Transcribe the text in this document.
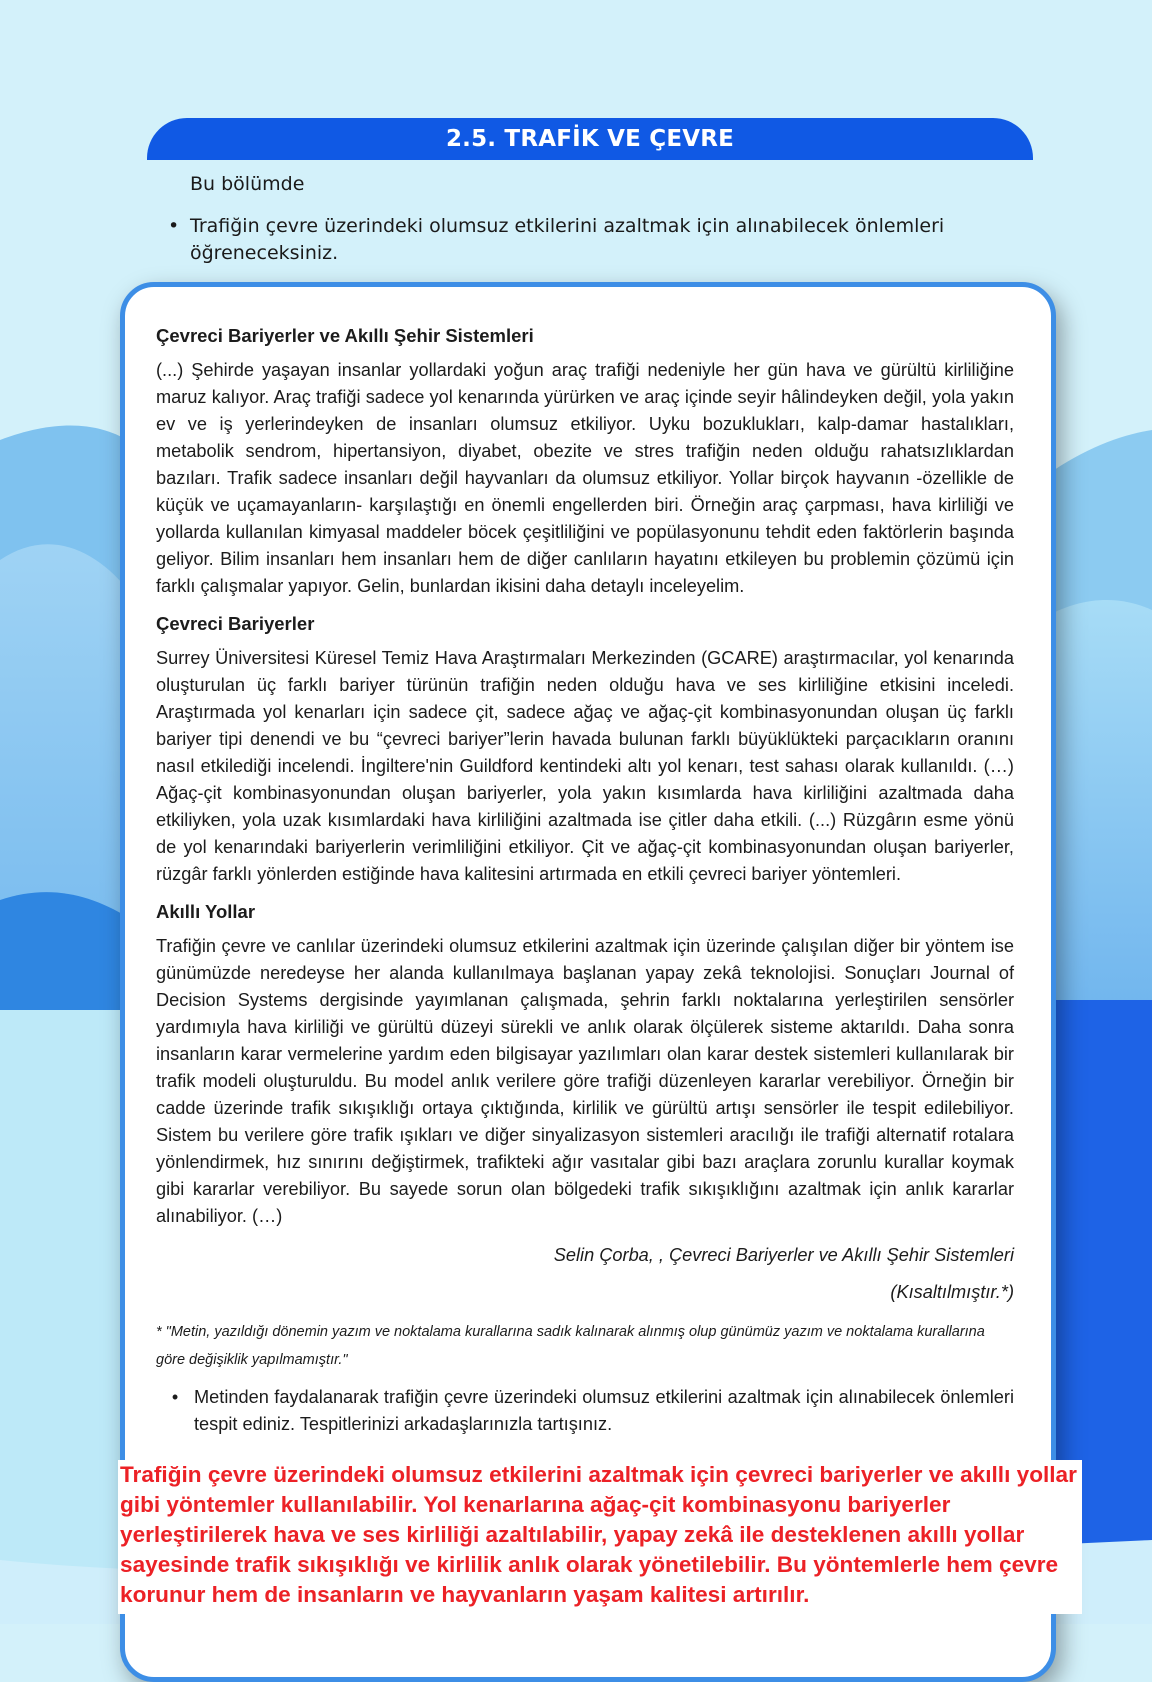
2.5. TRAFİK VE ÇEVRE
Bu bölümde
• Trafiğin çevre üzerindeki olumsuz etkilerini azaltmak için alınabilecek önlemleri öğreneceksiniz.
Çevreci Bariyerler ve Akıllı Şehir Sistemleri

(...) Şehirde yaşayan insanlar yollardaki yoğun araç trafiği nedeniyle her gün hava ve gürültü kirliliğine maruz kalıyor. Araç trafiği sadece yol kenarında yürürken ve araç içinde seyir hâlindeyken değil, yola yakın ev ve iş yerlerindeyken de insanları olumsuz etkiliyor. Uyku bozuklukları, kalp-damar hastalıkları, metabolik sendrom, hipertansiyon, diyabet, obezite ve stres trafiğin neden olduğu rahatsızlıklardan bazıları. Trafik sadece insanları değil hayvanları da olumsuz etkiliyor. Yollar birçok hayvanın -özellikle de küçük ve uçamayanların- karşılaştığı en önemli engellerden biri. Örneğin araç çarpması, hava kirliliği ve yollarda kullanılan kimyasal maddeler böcek çeşitliliğini ve popülasyonunu tehdit eden faktörlerin başında geliyor. Bilim insanları hem insanları hem de diğer canlıların hayatını etkileyen bu problemin çözümü için farklı çalışmalar yapıyor. Gelin, bunlardan ikisini daha detaylı inceleyelim.

Çevreci Bariyerler

Surrey Üniversitesi Küresel Temiz Hava Araştırmaları Merkezinden (GCARE) araştırmacılar, yol kenarında oluşturulan üç farklı bariyer türünün trafiğin neden olduğu hava ve ses kirliliğine etkisini inceledi. Araştırmada yol kenarları için sadece çit, sadece ağaç ve ağaç-çit kombinasyonundan oluşan üç farklı bariyer tipi denendi ve bu “çevreci bariyer”lerin havada bulunan farklı büyüklükteki parçacıkların oranını nasıl etkilediği incelendi. İngiltere'nin Guildford kentindeki altı yol kenarı, test sahası olarak kullanıldı. (…) Ağaç-çit kombinasyonundan oluşan bariyerler, yola yakın kısımlarda hava kirliliğini azaltmada daha etkiliyken, yola uzak kısımlardaki hava kirliliğini azaltmada ise çitler daha etkili. (...) Rüzgârın esme yönü de yol kenarındaki bariyerlerin verimliliğini etkiliyor. Çit ve ağaç-çit kombinasyonundan oluşan bariyerler, rüzgâr farklı yönlerden estiğinde hava kalitesini artırmada en etkili çevreci bariyer yöntemleri.

Akıllı Yollar

Trafiğin çevre ve canlılar üzerindeki olumsuz etkilerini azaltmak için üzerinde çalışılan diğer bir yöntem ise günümüzde neredeyse her alanda kullanılmaya başlanan yapay zekâ teknolojisi. Sonuçları Journal of Decision Systems dergisinde yayımlanan çalışmada, şehrin farklı noktalarına yerleştirilen sensörler yardımıyla hava kirliliği ve gürültü düzeyi sürekli ve anlık olarak ölçülerek sisteme aktarıldı. Daha sonra insanların karar vermelerine yardım eden bilgisayar yazılımları olan karar destek sistemleri kullanılarak bir trafik modeli oluşturuldu. Bu model anlık verilere göre trafiği düzenleyen kararlar verebiliyor. Örneğin bir cadde üzerinde trafik sıkışıklığı ortaya çıktığında, kirlilik ve gürültü artışı sensörler ile tespit edilebiliyor. Sistem bu verilere göre trafik ışıkları ve diğer sinyalizasyon sistemleri aracılığı ile trafiği alternatif rotalara yönlendirmek, hız sınırını değiştirmek, trafikteki ağır vasıtalar gibi bazı araçlara zorunlu kurallar koymak gibi kararlar verebiliyor. Bu sayede sorun olan bölgedeki trafik sıkışıklığını azaltmak için anlık kararlar alınabiliyor. (…)

Selin Çorba, , Çevreci Bariyerler ve Akıllı Şehir Sistemleri
(Kısaltılmıştır.*)
* "Metin, yazıldığı dönemin yazım ve noktalama kurallarına sadık kalınarak alınmış olup günümüz yazım ve noktalama kurallarına göre değişiklik yapılmamıştır."
• Metinden faydalanarak trafiğin çevre üzerindeki olumsuz etkilerini azaltmak için alınabilecek önlemleri tespit ediniz. Tespitlerinizi arkadaşlarınızla tartışınız.

Trafiğin çevre üzerindeki olumsuz etkilerini azaltmak için çevreci bariyerler ve akıllı yollar gibi yöntemler kullanılabilir. Yol kenarlarına ağaç-çit kombinasyonu bariyerler yerleştirilerek hava ve ses kirliliği azaltılabilir, yapay zekâ ile desteklenen akıllı yollar sayesinde trafik sıkışıklığı ve kirlilik anlık olarak yönetilebilir. Bu yöntemlerle hem çevre korunur hem de insanların ve hayvanların yaşam kalitesi artırılır.
